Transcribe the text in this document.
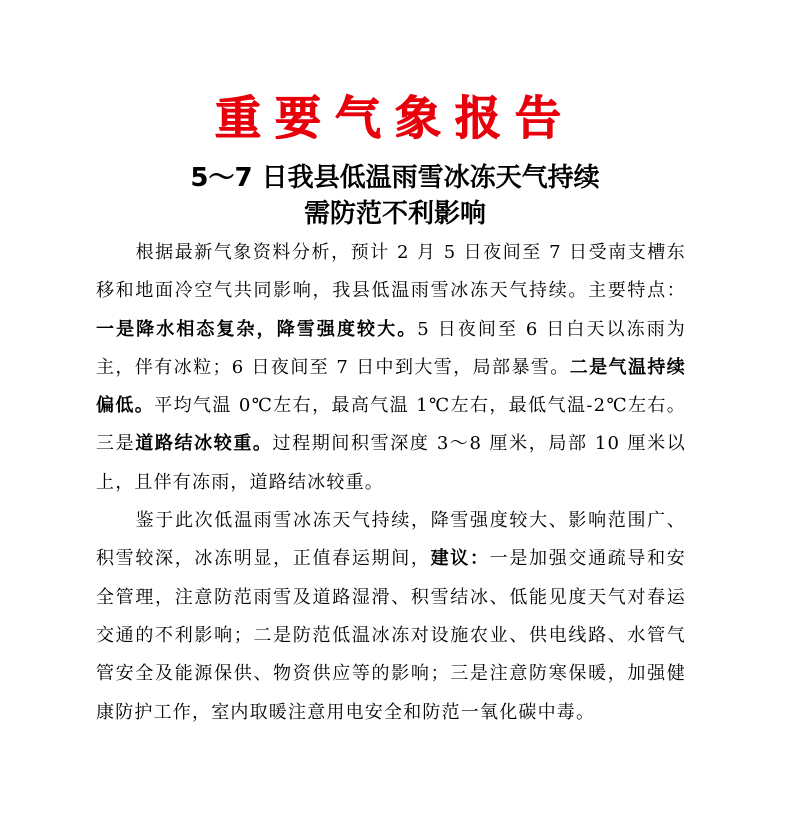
重要气象报告
5～7 日我县低温雨雪冰冻天气持续
需防范不利影响

根据最新气象资料分析，预计 2 月 5 日夜间至 7 日受南支槽东移和地面冷空气共同影响，我县低温雨雪冰冻天气持续。主要特点：一是降水相态复杂，降雪强度较大。5 日夜间至 6 日白天以冻雨为主，伴有冰粒；6 日夜间至 7 日中到大雪，局部暴雪。二是气温持续偏低。平均气温 0℃左右，最高气温 1℃左右，最低气温-2℃左右。三是道路结冰较重。过程期间积雪深度 3～8 厘米，局部 10 厘米以上，且伴有冻雨，道路结冰较重。

鉴于此次低温雨雪冰冻天气持续，降雪强度较大、影响范围广、积雪较深，冰冻明显，正值春运期间，建议：一是加强交通疏导和安全管理，注意防范雨雪及道路湿滑、积雪结冰、低能见度天气对春运交通的不利影响；二是防范低温冰冻对设施农业、供电线路、水管气管安全及能源保供、物资供应等的影响；三是注意防寒保暖，加强健康防护工作，室内取暖注意用电安全和防范一氧化碳中毒。
